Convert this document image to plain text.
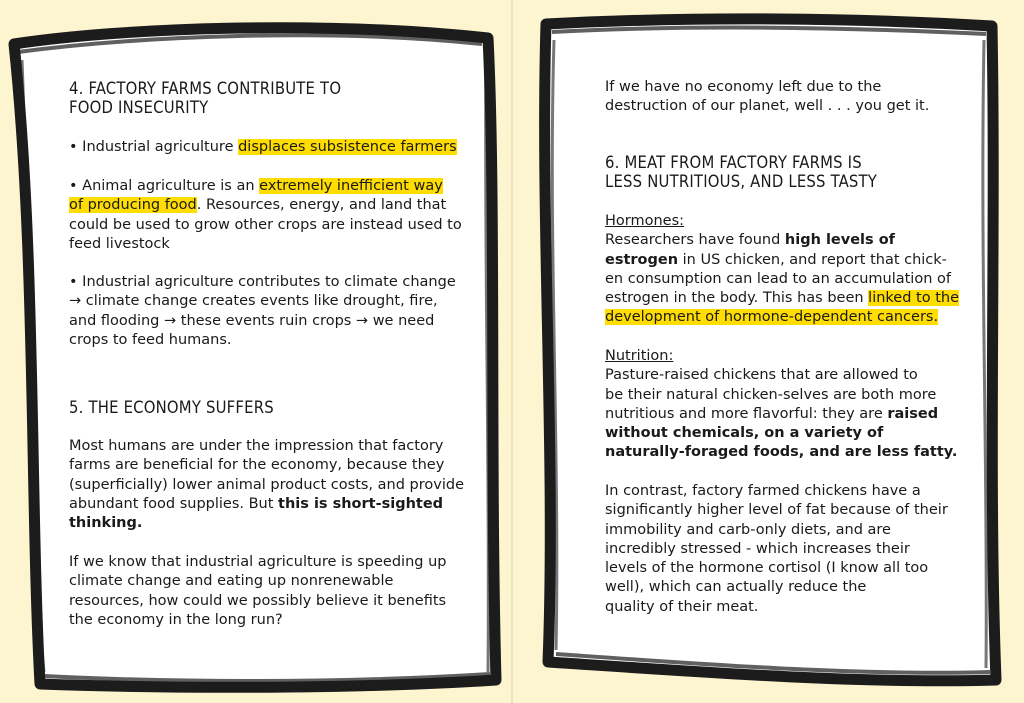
4. FACTORY FARMS CONTRIBUTE TO

FOOD INSECURITY

• Industrial agriculture displaces subsistence farmers

• Animal agriculture is an extremely inefficient way

of producing food. Resources, energy, and land that

could be used to grow other crops are instead used to

feed livestock

• Industrial agriculture contributes to climate change

→ climate change creates events like drought, fire,

and flooding → these events ruin crops → we need

crops to feed humans.

5. THE ECONOMY SUFFERS

Most humans are under the impression that factory

farms are beneficial for the economy, because they

(superficially) lower animal product costs, and provide

abundant food supplies. But this is short-sighted

thinking.

If we know that industrial agriculture is speeding up

climate change and eating up nonrenewable

resources, how could we possibly believe it benefits

the economy in the long run?

If we have no economy left due to the

destruction of our planet, well . . . you get it.

6. MEAT FROM FACTORY FARMS IS

LESS NUTRITIOUS, AND LESS TASTY

Hormones:

Researchers have found high levels of

estrogen in US chicken, and report that chick-

en consumption can lead to an accumulation of

estrogen in the body. This has been linked to the

development of hormone-dependent cancers.

Nutrition:

Pasture-raised chickens that are allowed to

be their natural chicken-selves are both more

nutritious and more flavorful: they are raised

without chemicals, on a variety of

naturally-foraged foods, and are less fatty.

In contrast, factory farmed chickens have a

significantly higher level of fat because of their

immobility and carb-only diets, and are

incredibly stressed - which increases their

levels of the hormone cortisol (I know all too

well), which can actually reduce the

quality of their meat.
